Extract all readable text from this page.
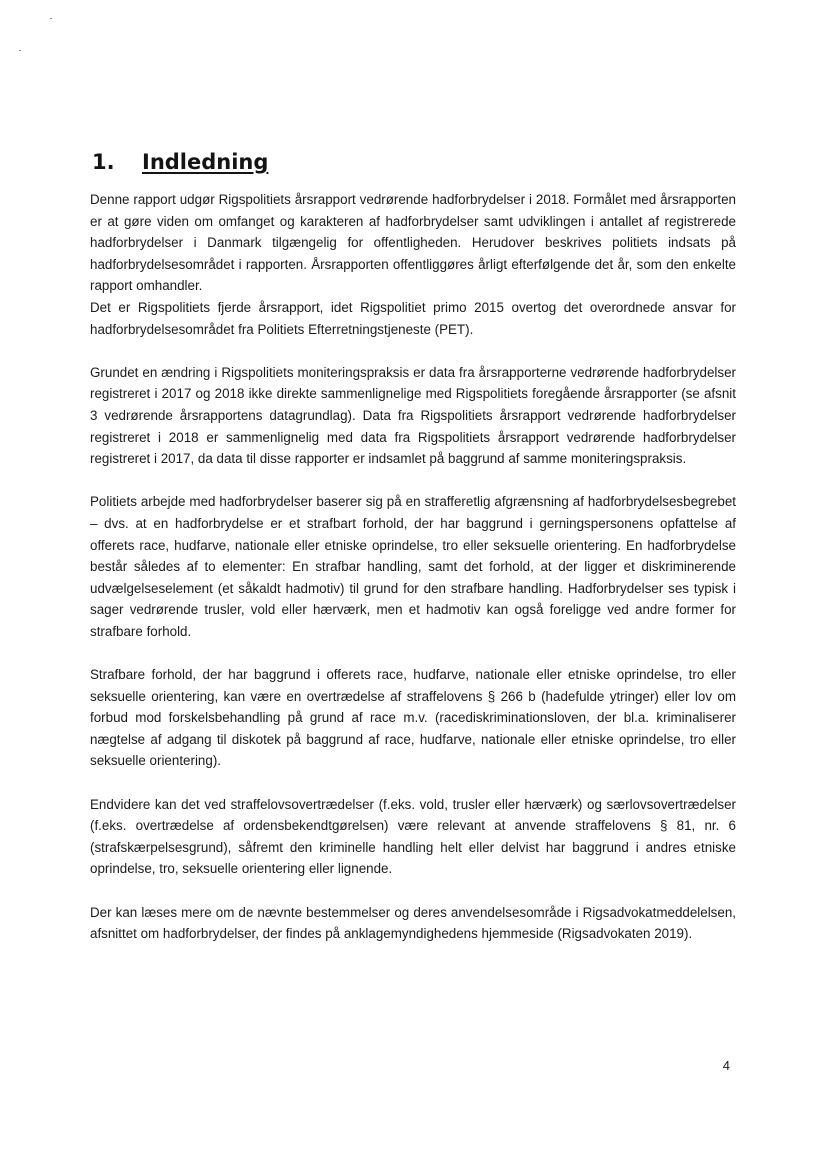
1. Indledning

Denne rapport udgør Rigspolitiets årsrapport vedrørende hadforbrydelser i 2018. Formålet med årsrapporten er at gøre viden om omfanget og karakteren af hadforbrydelser samt udviklingen i antallet af registrerede hadforbrydelser i Danmark tilgængelig for offentligheden. Herudover beskrives politiets indsats på hadforbrydelsesområdet i rapporten. Årsrapporten offentliggøres årligt efterfølgende det år, som den enkelte rapport omhandler.

Det er Rigspolitiets fjerde årsrapport, idet Rigspolitiet primo 2015 overtog det overordnede ansvar for hadforbrydelsesområdet fra Politiets Efterretningstjeneste (PET).

Grundet en ændring i Rigspolitiets moniteringspraksis er data fra årsrapporterne vedrørende hadforbrydelser registreret i 2017 og 2018 ikke direkte sammenlignelige med Rigspolitiets foregående årsrapporter (se afsnit 3 vedrørende årsrapportens datagrundlag). Data fra Rigspolitiets årsrapport vedrørende hadforbrydelser registreret i 2018 er sammenlignelig med data fra Rigspolitiets årsrapport vedrørende hadforbrydelser registreret i 2017, da data til disse rapporter er indsamlet på baggrund af samme moniteringspraksis.

Politiets arbejde med hadforbrydelser baserer sig på en strafferetlig afgrænsning af hadforbrydelsesbegrebet – dvs. at en hadforbrydelse er et strafbart forhold, der har baggrund i gerningspersonens opfattelse af offerets race, hudfarve, nationale eller etniske oprindelse, tro eller seksuelle orientering. En hadforbrydelse består således af to elementer: En strafbar handling, samt det forhold, at der ligger et diskriminerende udvælgelseselement (et såkaldt hadmotiv) til grund for den strafbare handling. Hadforbrydelser ses typisk i sager vedrørende trusler, vold eller hærværk, men et hadmotiv kan også foreligge ved andre former for strafbare forhold.

Strafbare forhold, der har baggrund i offerets race, hudfarve, nationale eller etniske oprindelse, tro eller seksuelle orientering, kan være en overtrædelse af straffelovens § 266 b (hadefulde ytringer) eller lov om forbud mod forskelsbehandling på grund af race m.v. (racediskriminationsloven, der bl.a. kriminaliserer nægtelse af adgang til diskotek på baggrund af race, hudfarve, nationale eller etniske oprindelse, tro eller seksuelle orientering).

Endvidere kan det ved straffelovsovertrædelser (f.eks. vold, trusler eller hærværk) og særlovsovertrædelser (f.eks. overtrædelse af ordensbekendtgørelsen) være relevant at anvende straffelovens § 81, nr. 6 (strafskærpelsesgrund), såfremt den kriminelle handling helt eller delvist har baggrund i andres etniske oprindelse, tro, seksuelle orientering eller lignende.

Der kan læses mere om de nævnte bestemmelser og deres anvendelsesområde i Rigsadvokatmeddelelsen, afsnittet om hadforbrydelser, der findes på anklagemyndighedens hjemmeside (Rigsadvokaten 2019).

4
